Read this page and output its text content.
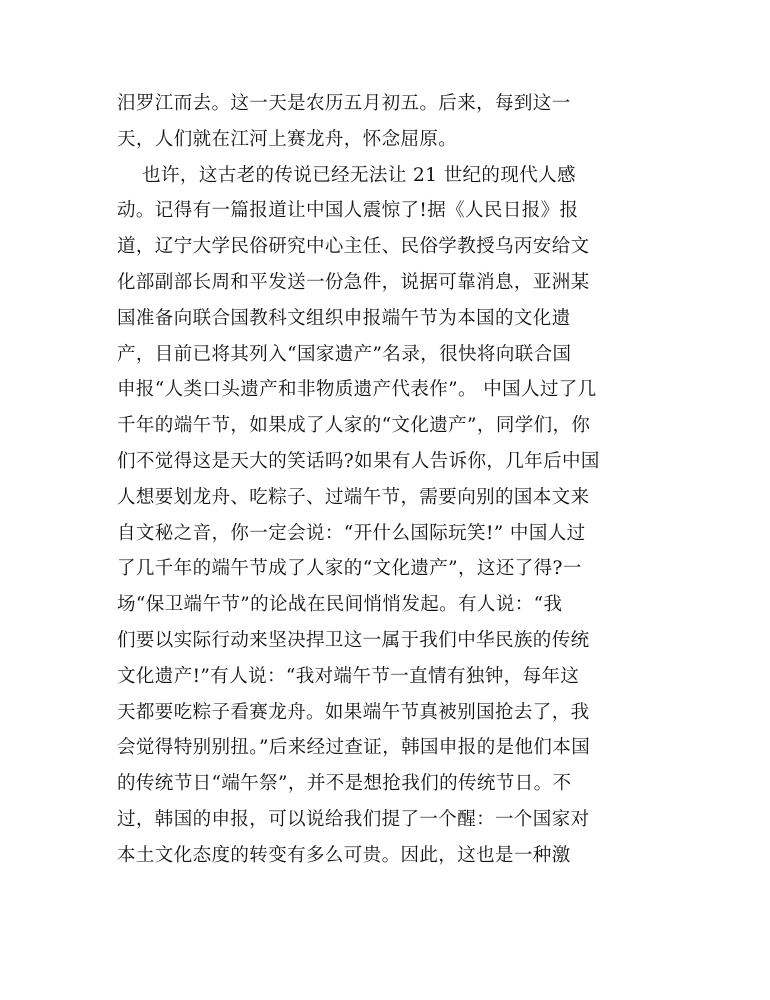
汨罗江而去。这一天是农历五月初五。后来，每到这一
天，人们就在江河上赛龙舟，怀念屈原。
也许，这古老的传说已经无法让 21 世纪的现代人感
动。记得有一篇报道让中国人震惊了!据《人民日报》报
道，辽宁大学民俗研究中心主任、民俗学教授乌丙安给文
化部副部长周和平发送一份急件，说据可靠消息，亚洲某
国准备向联合国教科文组织申报端午节为本国的文化遗
产，目前已将其列入“国家遗产”名录，很快将向联合国
申报“人类口头遗产和非物质遗产代表作”。 中国人过了几
千年的端午节，如果成了人家的“文化遗产”，同学们，你
们不觉得这是天大的笑话吗?如果有人告诉你，几年后中国
人想要划龙舟、吃粽子、过端午节，需要向别的国本文来
自文秘之音，你一定会说：“开什么国际玩笑!” 中国人过
了几千年的端午节成了人家的“文化遗产”，这还了得?一
场“保卫端午节”的论战在民间悄悄发起。有人说：“我
们要以实际行动来坚决捍卫这一属于我们中华民族的传统
文化遗产!”有人说：“我对端午节一直情有独钟，每年这
天都要吃粽子看赛龙舟。如果端午节真被别国抢去了，我
会觉得特别别扭。”后来经过查证，韩国申报的是他们本国
的传统节日“端午祭”，并不是想抢我们的传统节日。不
过，韩国的申报，可以说给我们提了一个醒：一个国家对
本土文化态度的转变有多么可贵。因此，这也是一种激
